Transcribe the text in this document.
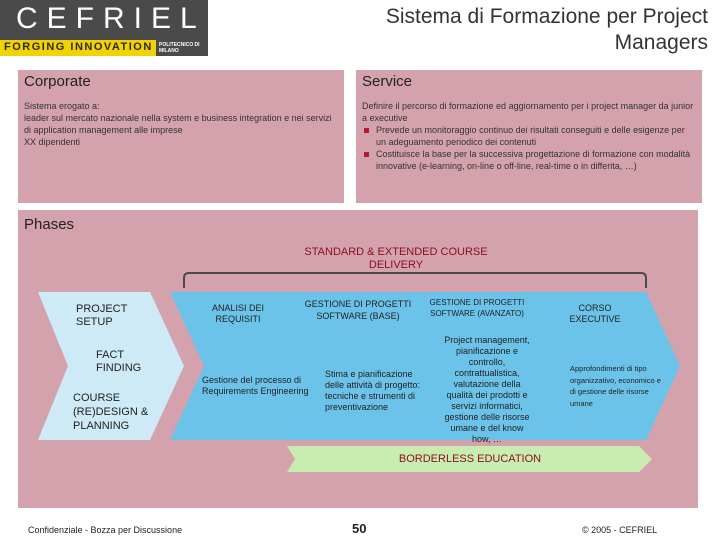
CEFRIEL
FORGING INNOVATION	POLITECNICO DI MILANO
Sistema di Formazione per Project Managers
Corporate
Sistema erogato a:
leader sul mercato nazionale nella system e business integration e nei servizi di application management alle imprese
XX dipendenti
Service
Definire il percorso di formazione ed aggiornamento per i project manager da junior a executive
Prevede un monitoraggio continuo dei risultati conseguiti e delle esigenze per un adeguamento periodico dei contenuti
Costituisce la base per la successiva progettazione di formazione con modalità innovative (e-learning, on-line o off-line, real-time o in differita, …)
Phases
STANDARD & EXTENDED COURSE DELIVERY
PROJECT SETUP
FACT FINDING
COURSE (RE)DESIGN & PLANNING
ANALISI DEI REQUISITI
Gestione del processo di Requirements Engineering
GESTIONE DI PROGETTI SOFTWARE (BASE)
Stima e pianificazione delle attività di progetto: tecniche e strumenti di preventivazione
GESTIONE DI PROGETTI SOFTWARE (AVANZATO)
Project management, pianificazione e controllo, contrattualistica, valutazione della qualità dei prodotti e servizi informatici, gestione delle risorse umane e del know how, …
CORSO EXECUTIVE
Approfondimenti di tipo organizzativo, economico e di gestione delle risorse umane
BORDERLESS EDUCATION
Confidenziale - Bozza per Discussione	50	© 2005 - CEFRIEL
